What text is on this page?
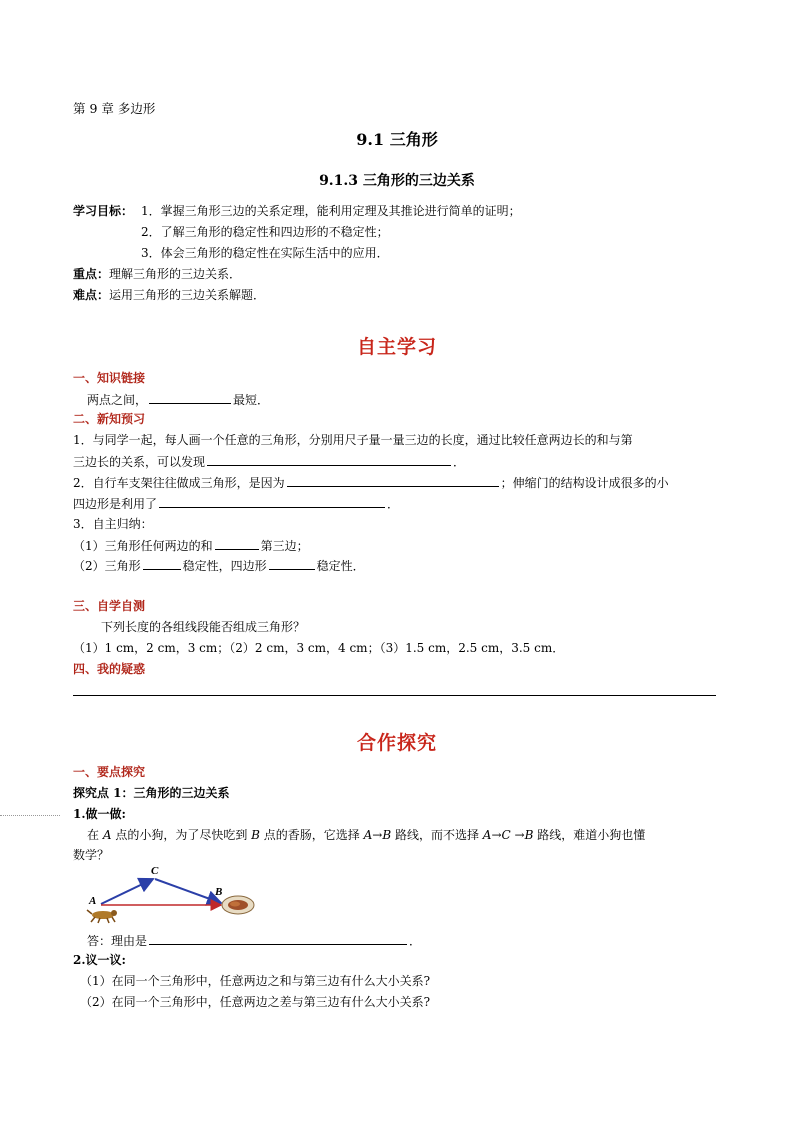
第 9 章 多边形
9.1 三角形
9.1.3 三角形的三边关系
学习目标： 1．掌握三角形三边的关系定理，能利用定理及其推论进行简单的证明；
2．了解三角形的稳定性和四边形的不稳定性；
3．体会三角形的稳定性在实际生活中的应用．
重点：理解三角形的三边关系．
难点：运用三角形的三边关系解题．
自主学习
一、知识链接
两点之间，	最短．
二、新知预习
1．与同学一起，每人画一个任意的三角形，分别用尺子量一量三边的长度，通过比较任意两边长的和与第
三边长的关系，可以发现	．
2．自行车支架往往做成三角形，是因为	；伸缩门的结构设计成很多的小
四边形是利用了	．
3．自主归纳：
（1）三角形任何两边的和	第三边；
（2）三角形	稳定性，四边形	稳定性．
三、自学自测
下列长度的各组线段能否组成三角形？
（1）1 cm，2 cm，3 cm；（2）2 cm，3 cm，4 cm；（3）1.5 cm，2.5 cm，3.5 cm．
四、我的疑惑
合作探究
一、要点探究
探究点 1：三角形的三边关系
1.做一做:
在 A 点的小狗，为了尽快吃到 B 点的香肠，它选择 A→B 路线，而不选择 A→C →B 路线，难道小狗也懂
数学？
A
C
B
答：理由是	．
2.议一议:
（1）在同一个三角形中，任意两边之和与第三边有什么大小关系?
（2）在同一个三角形中，任意两边之差与第三边有什么大小关系?
